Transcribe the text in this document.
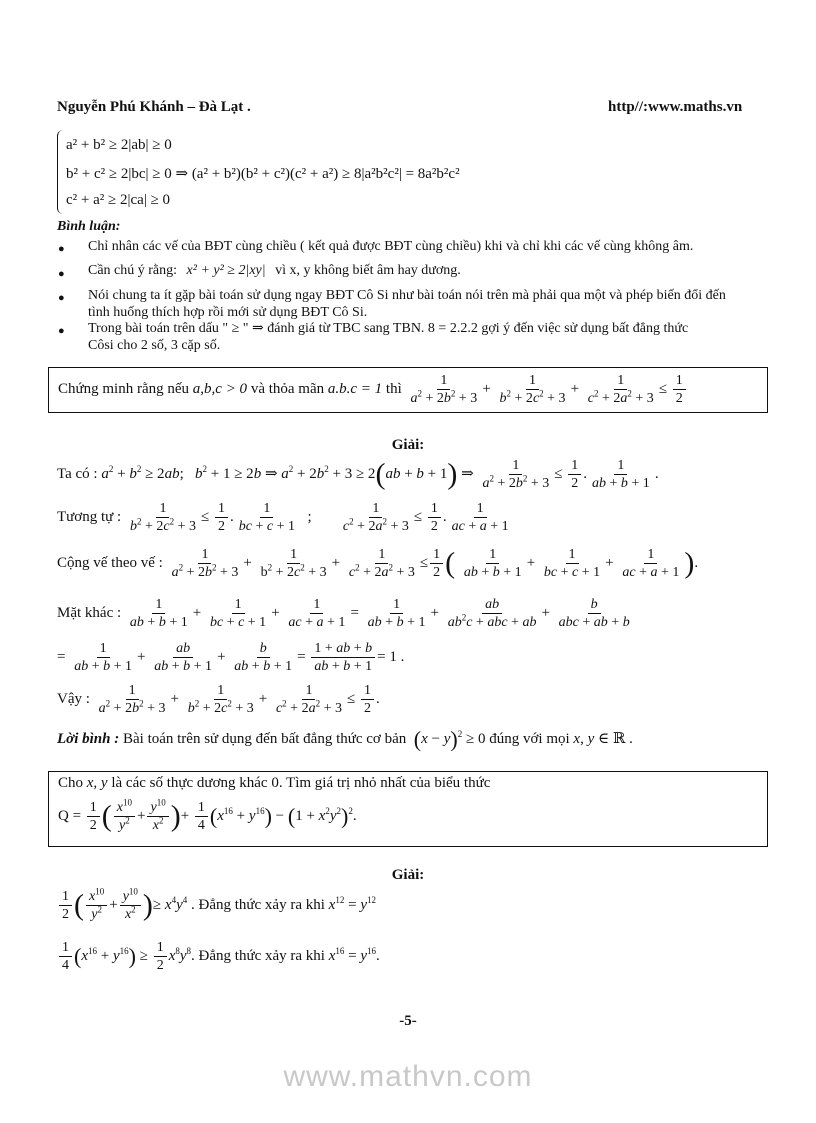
Nguyễn Phú Khánh – Đà Lạt .	http//:www.maths.vn
a² + b² ≥ 2|ab| ≥ 0
b² + c² ≥ 2|bc| ≥ 0 ⇒ (a² + b²)(b² + c²)(c² + a²) ≥ 8|a²b²c²| = 8a²b²c²
c² + a² ≥ 2|ca| ≥ 0
Bình luận:
● Chỉ nhân các vế của BĐT cùng chiều ( kết quả được BĐT cùng chiều) khi và chỉ khi các vế cùng không âm.
● Cần chú ý rằng: x² + y² ≥ 2|xy| vì x, y không biết âm hay dương.
● Nói chung ta ít gặp bài toán sử dụng ngay BĐT Cô Si như bài toán nói trên mà phải qua một và phép biến đổi đến
tình huống thích hợp rồi mới sử dụng BĐT Cô Si.
● Trong bài toán trên dấu " ≥ " ⇒ đánh giá từ TBC sang TBN. 8 = 2.2.2 gợi ý đến việc sử dụng bất đẳng thức
Côsi cho 2 số, 3 cặp số.
Chứng minh rằng nếu a,b,c > 0 và thỏa mãn a.b.c = 1 thì $\frac{1}{a^2 + 2b^2 + 3} + \frac{1}{b^2 + 2c^2 + 3} + \frac{1}{c^2 + 2a^2 + 3} \le \frac{1}{2}$
Giải:
Ta có : $a^2 + b^2 \ge 2ab$;   $b^2 + 1 \ge 2b$ ⇒ $a^2 + 2b^2 + 3 \ge 2(ab + b + 1)$ ⇒ $\frac{1}{a^2 + 2b^2 + 3} \le \frac{1}{2}$ . $\frac{1}{ab + b + 1}$ .
Tương tự : $\frac{1}{b^2 + 2c^2 + 3} \le \frac{1}{2}$ . $\frac{1}{bc + c + 1}$ ; $\frac{1}{c^2 + 2a^2 + 3} \le \frac{1}{2}$ . $\frac{1}{ac + a + 1}$
Cộng vế theo vế : $\frac{1}{a^2 + 2b^2 + 3} + \frac{1}{b^2 + 2c^2 + 3} + \frac{1}{c^2 + 2a^2 + 3} \le \frac{1}{2}$ ( $\frac{1}{ab + b + 1} + \frac{1}{bc + c + 1} + \frac{1}{ac + a + 1}$ ).
Mặt khác : $\frac{1}{ab + b + 1} + \frac{1}{bc + c + 1} + \frac{1}{ac + a + 1} = \frac{1}{ab + b + 1} + \frac{ab}{ab^2c + abc + ab} + \frac{b}{\text{abc + ab + b}}$
= $\frac{1}{ab + b + 1} + \frac{ab}{ab + b + 1} + \frac{b}{ab + b + 1} = \frac{1 + ab + b}{ab + b + 1} = 1$ .
Vậy : $\frac{1}{a^2 + 2b^2 + 3} + \frac{1}{b^2 + 2c^2 + 3} + \frac{1}{c^2 + 2a^2 + 3} \le \frac{1}{2}$ .
Lời bình : Bài toán trên sử dụng đến bất đẳng thức cơ bản $(x - y)^2 \ge 0$ đúng với mọi x, y ∈ ℝ .
Cho x, y là các số thực dương khác 0. Tìm giá trị nhỏ nhất của biểu thức
$Q = \frac{1}{2}$ ( $\frac{x^{10}}{y^2} + \frac{y^{10}}{x^2}$ )+ $\frac{1}{4} (x^{16} + y^{16}) - (1 + x^2y^2)^2$.
Giải:
$\frac{1}{2}$ ( $\frac{x^{10}}{y^2} + \frac{y^{10}}{x^2}$ )≥ $x^4y^4$ . Đẳng thức xảy ra khi $x^{12} = y^{12}$
$\frac{1}{4} (x^{16} + y^{16}) \ge \frac{1}{2} x^8y^8$. Đẳng thức xảy ra khi $x^{16} = y^{16}$.
-5-
www.mathvn.com
